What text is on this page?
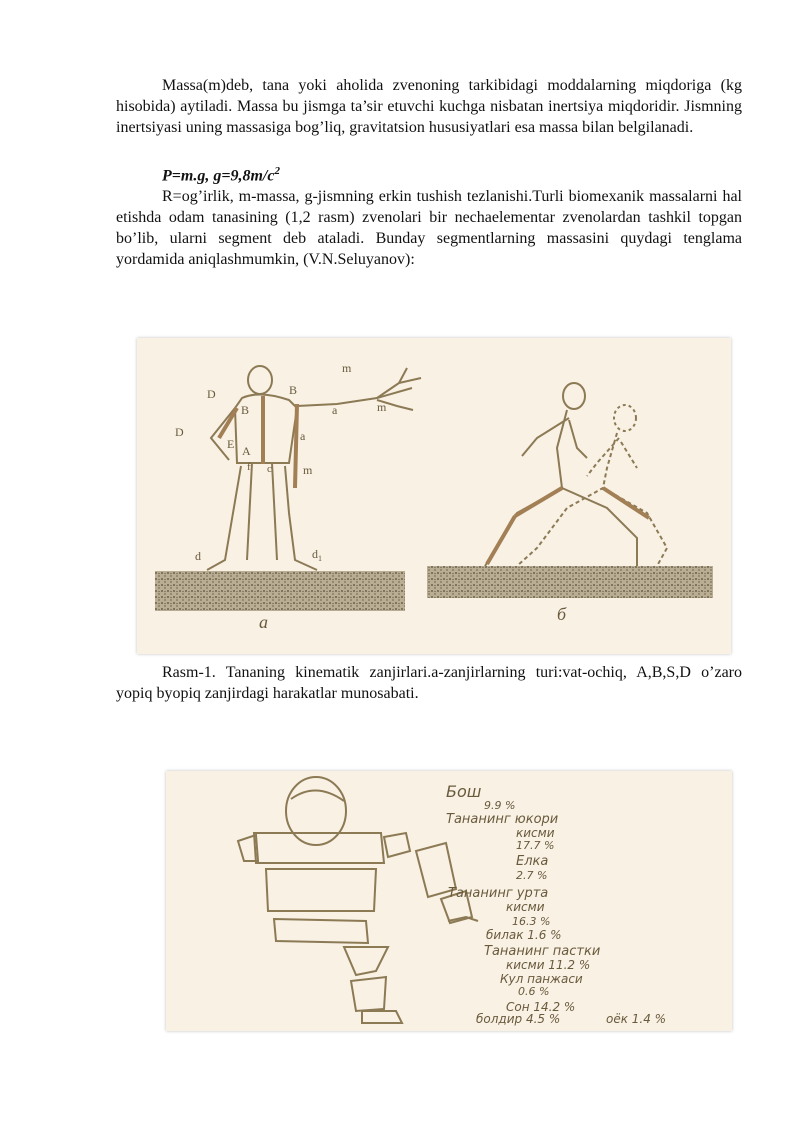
Massa(m)deb, tana yoki aholida zvenoning tarkibidagi moddalarning miqdoriga (kg hisobida) aytiladi. Massa bu jismga ta’sir etuvchi kuchga nisbatan inertsiya miqdoridir. Jismning inertsiyasi uning massasiga bog’liq, gravitatsion hususiyatlari esa massa bilan belgilanadi.

P=m.g, $g=9,8m/c^2$

R=og’irlik, m-massa, g-jismning erkin tushish tezlanishi.Turli biomexanik massalarni hal etishda odam tanasining (1,2 rasm) zvenolari bir nechaelementar zvenolardan tashkil topgan bo’lib, ularni segment deb ataladi. Bunday segmentlarning massasini quydagi tenglama yordamida aniqlashmumkin, (V.N.Seluyanov):

m
B
D
B	a	m
D	a
E A
f c	m
d	$d_1$
a	б

Rasm-1. Tananing kinematik zanjirlari.a-zanjirlarning turi:vat-ochiq, A,B,S,D o’zaro yopiq byopiq zanjirdagi harakatlar munosabati.

Бош
9.9 %
Тананинг юкори
кисми
17.7 %
Елка
2.7 %
Тананинг урта
кисми
16.3 %
билак 1.6 %
Тананинг пастки
кисми 11.2 %
Кул панжаси
0.6 %
Сон 14.2 %
болдир 4.5 %	оёк 1.4 %
